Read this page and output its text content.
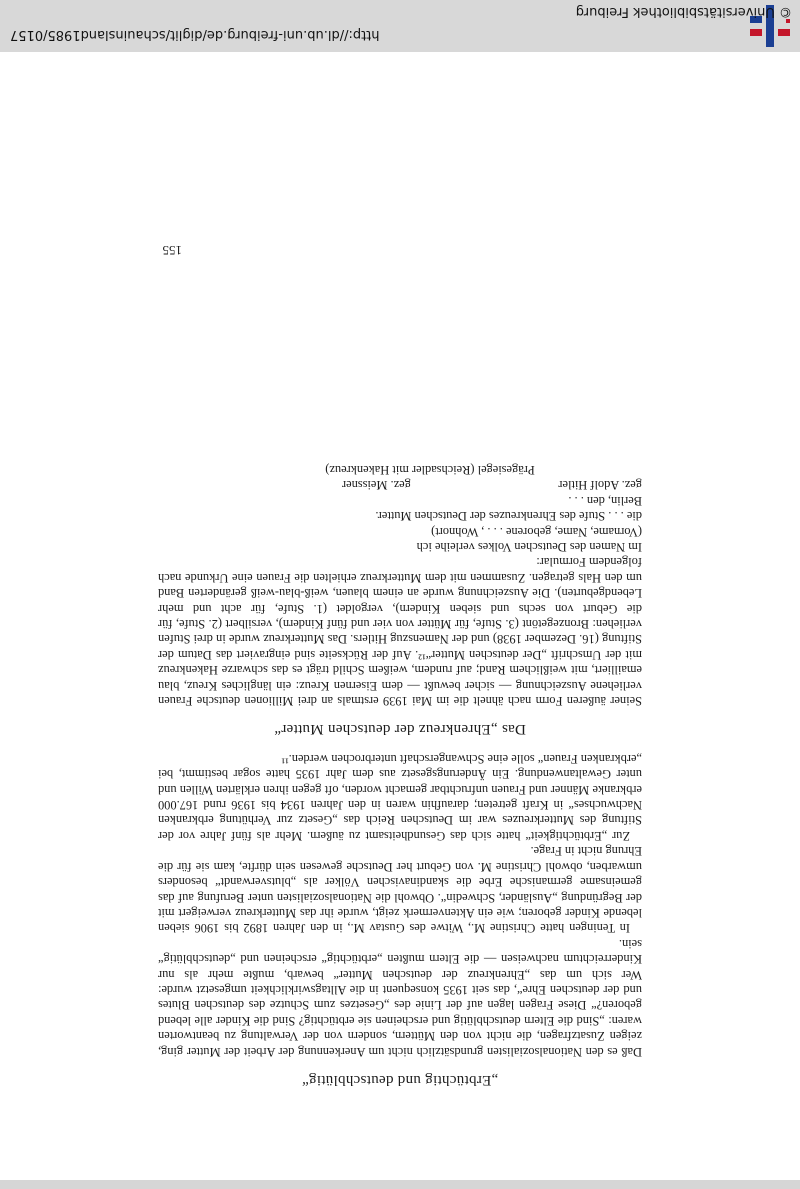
„Erbtüchtig und deutschblütig“

Daß es den Nationalsozialisten grundsätzlich nicht um Anerkennung der Arbeit der Mutter ging, zeigen Zusatzfragen, die nicht von den Müttern, sondern von der Verwaltung zu beantworten waren: „Sind die Eltern deutschblütig und erscheinen sie erbtüchtig? Sind die Kinder alle lebend geboren?“ Diese Fragen lagen auf der Linie des „Gesetzes zum Schutze des deutschen Blutes und der deutschen Ehre“, das seit 1935 konsequent in die Alltagswirklichkeit umgesetzt wurde: Wer sich um das „Ehrenkreuz der deutschen Mutter“ bewarb, mußte mehr als nur Kinderreichtum nachweisen — die Eltern mußten „erbtüchtig“ erscheinen und „deutschblütig“ sein.

In Teningen hatte Christine M., Witwe des Gustav M., in den Jahren 1892 bis 1906 sieben lebende Kinder geboren; wie ein Aktenvermerk zeigt, wurde ihr das Mutterkreuz verweigert mit der Begründung „Ausländer, Schwedin“. Obwohl die Nationalsozialisten unter Berufung auf das gemeinsame germanische Erbe die skandinavischen Völker als „blutsverwandt“ besonders umwarben, obwohl Christine M. von Geburt her Deutsche gewesen sein dürfte, kam sie für die Ehrung nicht in Frage.

Zur „Erbtüchtigkeit“ hatte sich das Gesundheitsamt zu äußern. Mehr als fünf Jahre vor der Stiftung des Mutterkreuzes war im Deutschen Reich das „Gesetz zur Verhütung erbkranken Nachwuchses“ in Kraft getreten; daraufhin waren in den Jahren 1934 bis 1936 rund 167.000 erbkranke Männer und Frauen unfruchtbar gemacht worden, oft gegen ihren erklärten Willen und unter Gewaltanwendung. Ein Änderungsgesetz aus dem Jahr 1935 hatte sogar bestimmt, bei „erbkranken Frauen“ solle eine Schwangerschaft unterbrochen werden.¹¹

Das „Ehrenkreuz der deutschen Mutter“

Seiner äußeren Form nach ähnelt die im Mai 1939 erstmals an drei Millionen deutsche Frauen verliehene Auszeichnung — sicher bewußt — dem Eisernen Kreuz: ein längliches Kreuz, blau emailliert, mit weißlichem Rand; auf rundem, weißem Schild trägt es das schwarze Hakenkreuz mit der Umschrift „Der deutschen Mutter“¹². Auf der Rückseite sind eingraviert das Datum der Stiftung (16. Dezember 1938) und der Namenszug Hitlers. Das Mutterkreuz wurde in drei Stufen verliehen: Bronzegetönt (3. Stufe, für Mütter von vier und fünf Kindern), versilbert (2. Stufe, für die Geburt von sechs und sieben Kindern), vergoldet (1. Stufe, für acht und mehr Lebendgeburten). Die Auszeichnung wurde an einem blauen, weiß-blau-weiß geränderten Band um den Hals getragen. Zusammen mit dem Mutterkreuz erhielten die Frauen eine Urkunde nach folgendem Formular:

Im Namen des Deutschen Volkes verleihe ich
(Vorname, Name, geborene . . . , Wohnort)
die . . . Stufe des Ehrenkreuzes der Deutschen Mutter.
Berlin, den . . .
gez. Adolf Hitler
gez. Meissner
Prägesiegel (Reichsadler mit Hakenkreuz)
155
http://dl.ub.uni-freiburg.de/diglit/schauinsland1985/0157
© Universitätsbibliothek Freiburg
